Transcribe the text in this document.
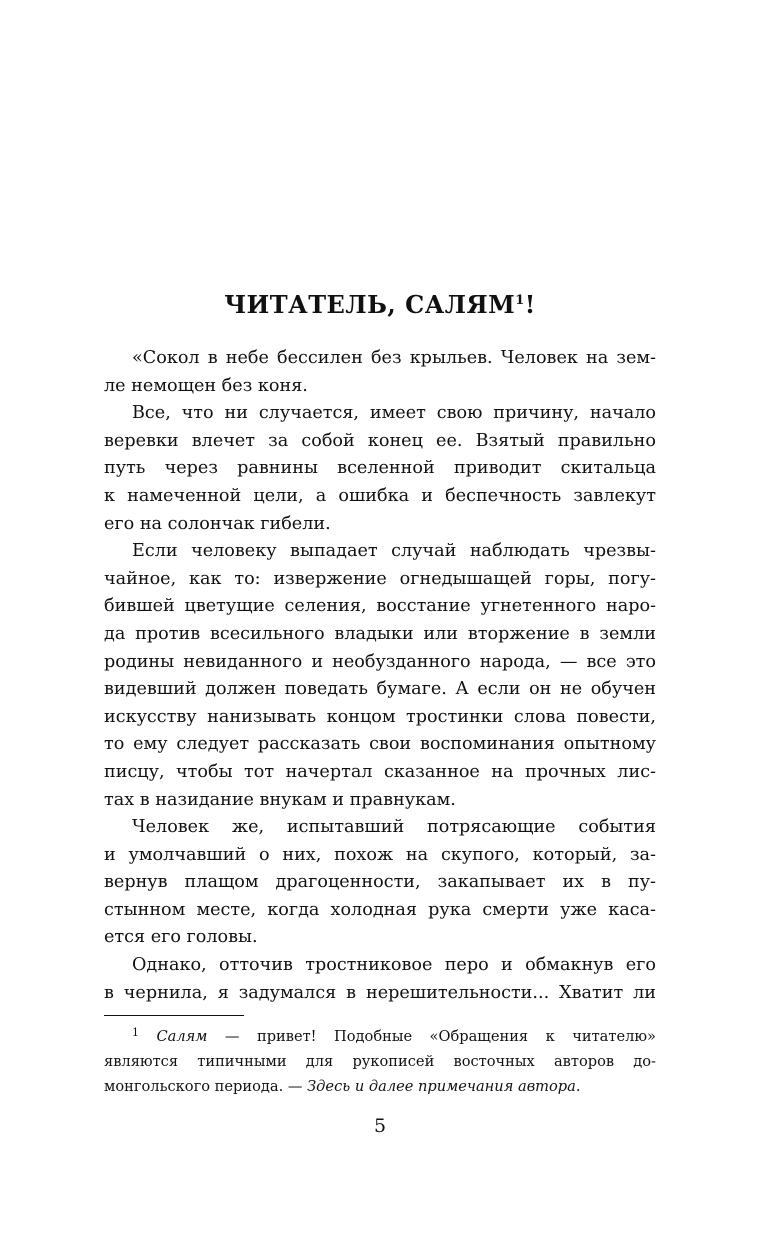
ЧИТАТЕЛЬ, САЛЯМ$^1$!
«Сокол в небе бессилен без крыльев. Человек на зем-
ле немощен без коня.
Все, что ни случается, имеет свою причину, начало
веревки влечет за собой конец ее. Взятый правильно
путь через равнины вселенной приводит скитальца
к намеченной цели, а ошибка и беспечность завлекут
его на солончак гибели.
Если человеку выпадает случай наблюдать чрезвы-
чайное, как то: извержение огнедышащей горы, погу-
бившей цветущие селения, восстание угнетенного наро-
да против всесильного владыки или вторжение в земли
родины невиданного и необузданного народа, — все это
видевший должен поведать бумаге. А если он не обучен
искусству нанизывать концом тростинки слова повести,
то ему следует рассказать свои воспоминания опытному
писцу, чтобы тот начертал сказанное на прочных лис-
тах в назидание внукам и правнукам.
Человек же, испытавший потрясающие события
и умолчавший о них, похож на скупого, который, за-
вернув плащом драгоценности, закапывает их в пу-
стынном месте, когда холодная рука смерти уже каса-
ется его головы.
Однако, отточив тростниковое перо и обмакнув его
в чернила, я задумался в нерешительности... Хватит ли
$^1$ Салям — привет! Подобные «Обращения к читателю»
являются типичными для рукописей восточных авторов до-
монгольского периода. — Здесь и далее примечания автора.
5
